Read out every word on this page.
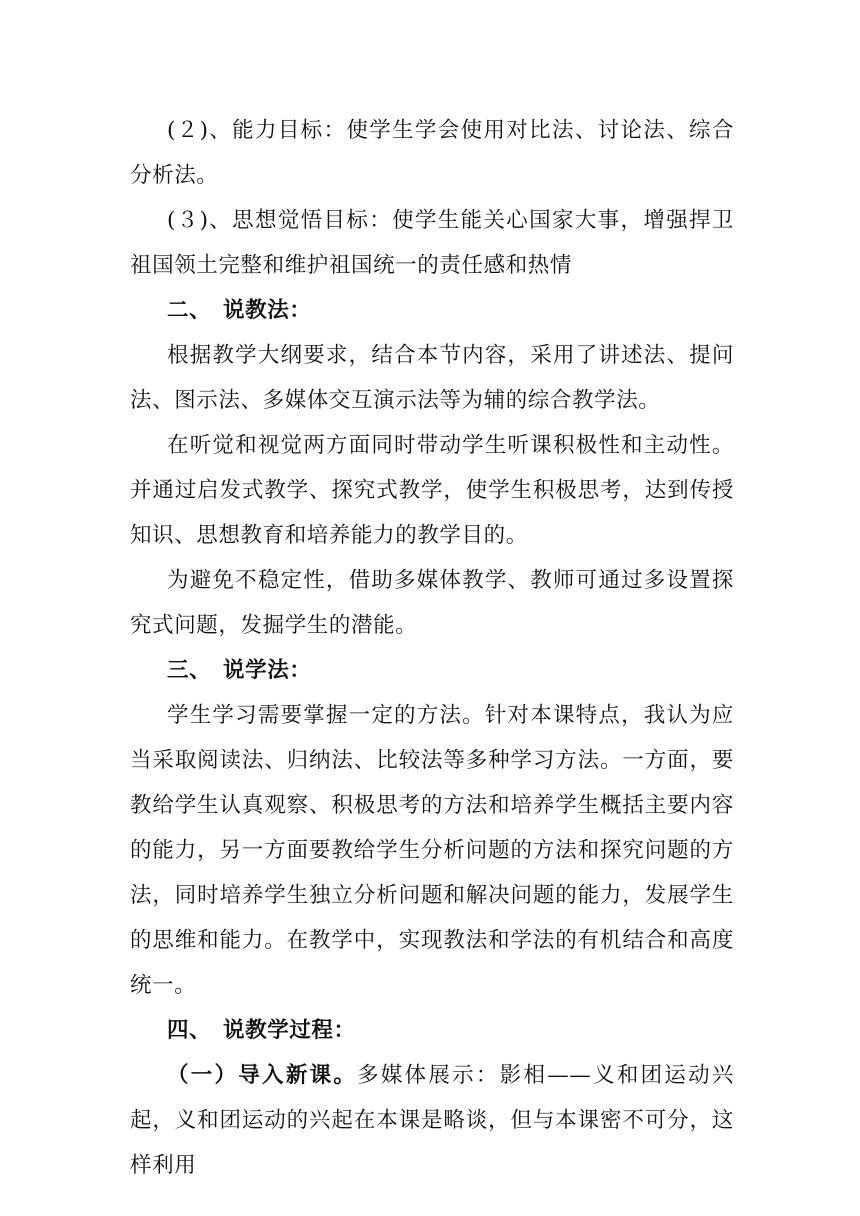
(２)、能力目标：使学生学会使用对比法、讨论法、综合分析法。

(３)、思想觉悟目标：使学生能关心国家大事，增强捍卫祖国领土完整和维护祖国统一的责任感和热情

二、 说教法：

根据教学大纲要求，结合本节内容，采用了讲述法、提问法、图示法、多媒体交互演示法等为辅的综合教学法。

在听觉和视觉两方面同时带动学生听课积极性和主动性。并通过启发式教学、探究式教学，使学生积极思考，达到传授知识、思想教育和培养能力的教学目的。

为避免不稳定性，借助多媒体教学、教师可通过多设置探究式问题，发掘学生的潜能。

三、 说学法：

学生学习需要掌握一定的方法。针对本课特点，我认为应当采取阅读法、归纳法、比较法等多种学习方法。一方面，要教给学生认真观察、积极思考的方法和培养学生概括主要内容的能力，另一方面要教给学生分析问题的方法和探究问题的方法，同时培养学生独立分析问题和解决问题的能力，发展学生的思维和能力。在教学中，实现教法和学法的有机结合和高度统一。

四、 说教学过程：

（一）导入新课。多媒体展示：影相——义和团运动兴起，义和团运动的兴起在本课是略谈，但与本课密不可分，这样利用
